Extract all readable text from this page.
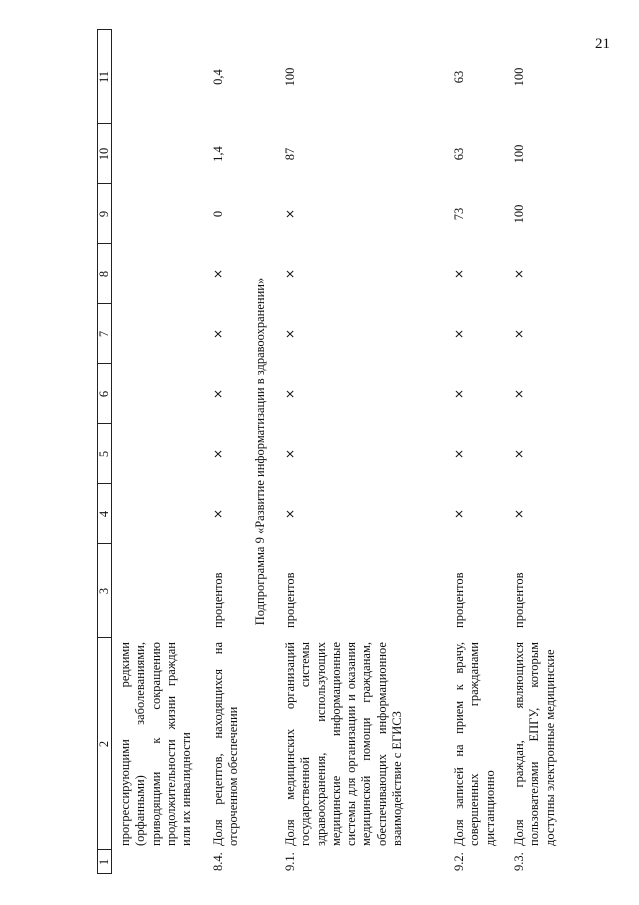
21
1
2
3
4
5
6
7
8
9
10
11
прогрессирующими редкими (орфанными) заболеваниями, приводящими к сокращению продолжительности жизни граждан или их инвалидности
8.4.
Доля рецептов, находящихся на отсроченном обеспечении
процентов
×
×
×
×
×
0
1,4
0,4
Подпрограмма 9 «Развитие информатизации в здравоохранении»
9.1.
Доля медицинских организаций государственной системы здравоохранения, использующих медицинские информационные системы для организации и оказания медицинской помощи гражданам, обеспечивающих информационное взаимодействие с ЕГИСЗ
процентов
×
×
×
×
×
×
87
100
9.2.
Доля записей на прием к врачу, совершенных гражданами дистанционно
процентов
×
×
×
×
×
73
63
63
9.3.
Доля граждан, являющихся пользователями ЕПГУ, которым доступны электронные медицинские
процентов
×
×
×
×
×
100
100
100
